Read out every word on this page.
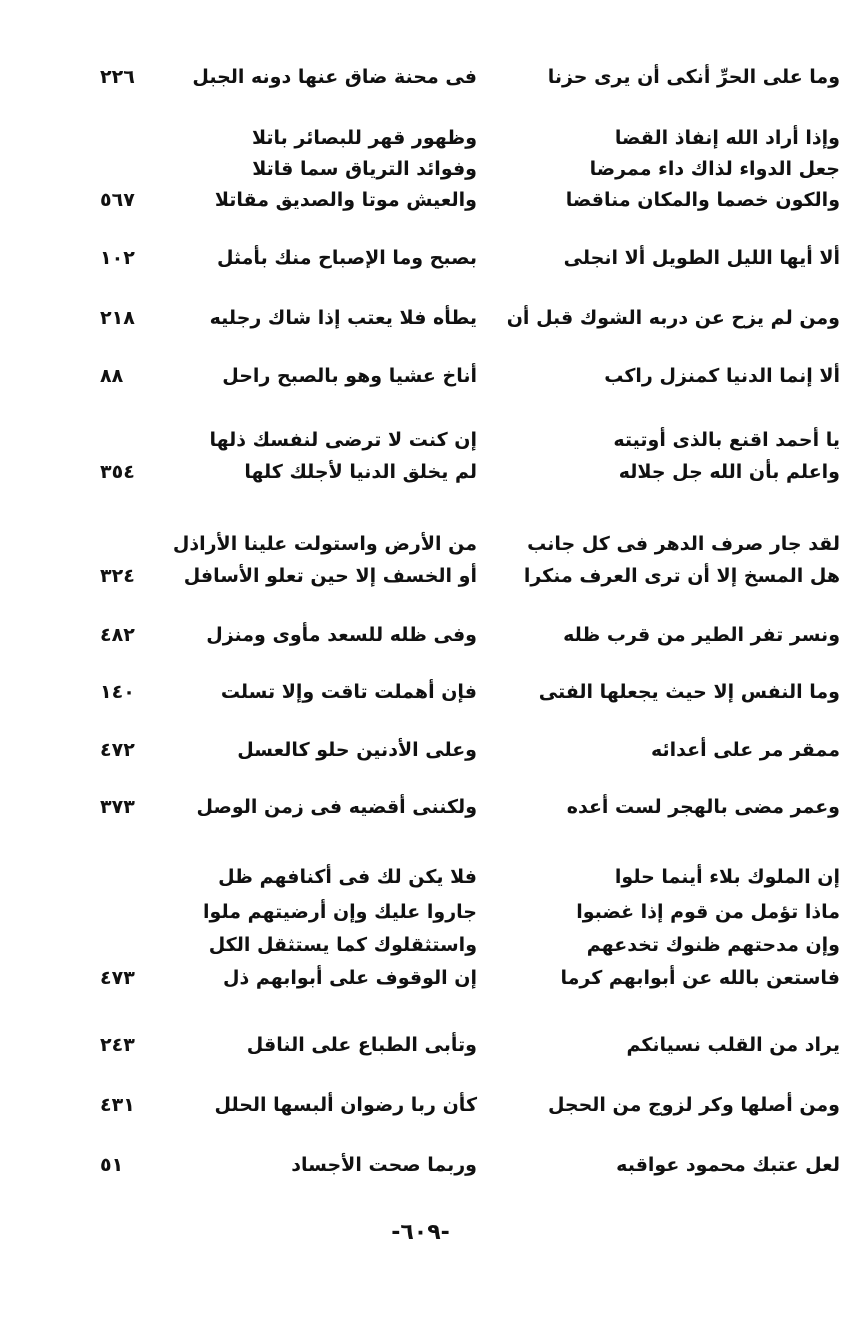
وما على الحرِّ أنكى أن يرى حزنا
فى محنة ضاق عنها دونه الجبل
٢٢٦
وإذا أراد الله إنفاذ القضا
وظهور قهر للبصائر باتلا
جعل الدواء لذاك داء ممرضا
وفوائد الترياق سما قاتلا
والكون خصما والمكان مناقضا
والعيش موتا والصديق مقاتلا
٥٦٧
ألا أيها الليل الطويل ألا انجلى
بصبح وما الإصباح منك بأمثل
١٠٢
ومن لم يزح عن دربه الشوك قبل أن
يطأه فلا يعتب إذا شاك رجليه
٢١٨
ألا إنما الدنيا كمنزل راكب
أناخ عشيا وهو بالصبح راحل
٨٨
يا أحمد اقنع بالذى أوتيته
إن كنت لا ترضى لنفسك ذلها
واعلم بأن الله جل جلاله
لم يخلق الدنيا لأجلك كلها
٣٥٤
لقد جار صرف الدهر فى كل جانب
من الأرض واستولت علينا الأراذل
هل المسخ إلا أن ترى العرف منكرا
أو الخسف إلا حين تعلو الأسافل
٣٢٤
ونسر تفر الطير من قرب ظله
وفى ظله للسعد مأوى ومنزل
٤٨٢
وما النفس إلا حيث يجعلها الفتى
فإن أهملت تاقت وإلا تسلت
١٤٠
ممقر مر على أعدائه
وعلى الأدنين حلو كالعسل
٤٧٢
وعمر مضى بالهجر لست أعده
ولكننى أقضيه فى زمن الوصل
٣٧٣
إن الملوك بلاء أينما حلوا
فلا يكن لك فى أكنافهم ظل
ماذا تؤمل من قوم إذا غضبوا
جاروا عليك وإن أرضيتهم ملوا
وإن مدحتهم ظنوك تخدعهم
واستثقلوك كما يستثقل الكل
فاستعن بالله عن أبوابهم كرما
إن الوقوف على أبوابهم ذل
٤٧٣
يراد من القلب نسيانكم
وتأبى الطباع على الناقل
٢٤٣
ومن أصلها وكر لزوج من الحجل
كأن ربا رضوان ألبسها الحلل
٤٣١
لعل عتبك محمود عواقبه
وربما صحت الأجساد
٥١
-٦٠٩-
